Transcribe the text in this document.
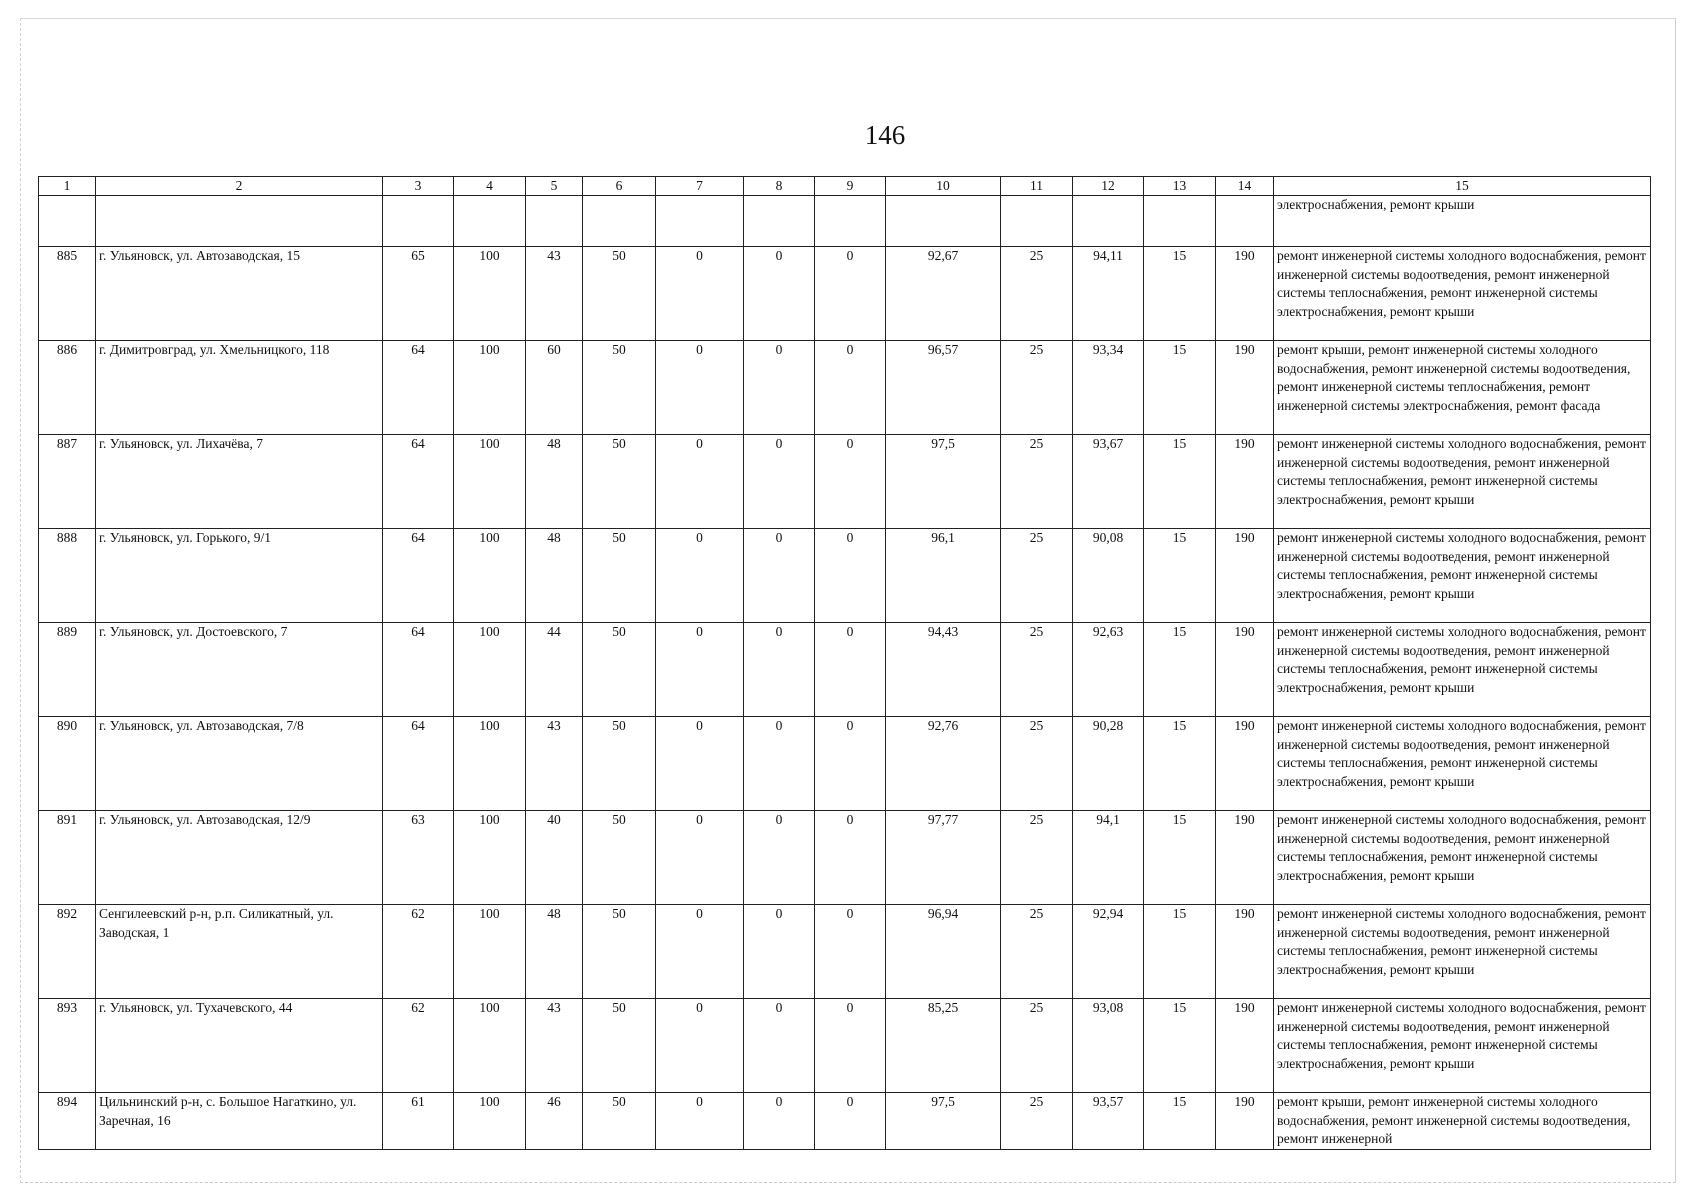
146
1	2	3	4	5	6	7	8	9	10	11	12	13	14	15
														электроснабжения, ремонт крыши
885	г. Ульяновск, ул. Автозаводская, 15	65	100	43	50	0	0	0	92,67	25	94,11	15	190	ремонт инженерной системы холодного водоснабжения, ремонт инженерной системы водоотведения, ремонт инженерной системы теплоснабжения, ремонт инженерной системы электроснабжения, ремонт крыши
886	г. Димитровград, ул. Хмельницкого, 118	64	100	60	50	0	0	0	96,57	25	93,34	15	190	ремонт крыши, ремонт инженерной системы холодного водоснабжения, ремонт инженерной системы водоотведения, ремонт инженерной системы теплоснабжения, ремонт инженерной системы электроснабжения, ремонт фасада
887	г. Ульяновск, ул. Лихачёва, 7	64	100	48	50	0	0	0	97,5	25	93,67	15	190	ремонт инженерной системы холодного водоснабжения, ремонт инженерной системы водоотведения, ремонт инженерной системы теплоснабжения, ремонт инженерной системы электроснабжения, ремонт крыши
888	г. Ульяновск, ул. Горького, 9/1	64	100	48	50	0	0	0	96,1	25	90,08	15	190	ремонт инженерной системы холодного водоснабжения, ремонт инженерной системы водоотведения, ремонт инженерной системы теплоснабжения, ремонт инженерной системы электроснабжения, ремонт крыши
889	г. Ульяновск, ул. Достоевского, 7	64	100	44	50	0	0	0	94,43	25	92,63	15	190	ремонт инженерной системы холодного водоснабжения, ремонт инженерной системы водоотведения, ремонт инженерной системы теплоснабжения, ремонт инженерной системы электроснабжения, ремонт крыши
890	г. Ульяновск, ул. Автозаводская, 7/8	64	100	43	50	0	0	0	92,76	25	90,28	15	190	ремонт инженерной системы холодного водоснабжения, ремонт инженерной системы водоотведения, ремонт инженерной системы теплоснабжения, ремонт инженерной системы электроснабжения, ремонт крыши
891	г. Ульяновск, ул. Автозаводская, 12/9	63	100	40	50	0	0	0	97,77	25	94,1	15	190	ремонт инженерной системы холодного водоснабжения, ремонт инженерной системы водоотведения, ремонт инженерной системы теплоснабжения, ремонт инженерной системы электроснабжения, ремонт крыши
892	Сенгилеевский р-н, р.п. Силикатный, ул. Заводская, 1	62	100	48	50	0	0	0	96,94	25	92,94	15	190	ремонт инженерной системы холодного водоснабжения, ремонт инженерной системы водоотведения, ремонт инженерной системы теплоснабжения, ремонт инженерной системы электроснабжения, ремонт крыши
893	г. Ульяновск, ул. Тухачевского, 44	62	100	43	50	0	0	0	85,25	25	93,08	15	190	ремонт инженерной системы холодного водоснабжения, ремонт инженерной системы водоотведения, ремонт инженерной системы теплоснабжения, ремонт инженерной системы электроснабжения, ремонт крыши
894	Цильнинский р-н, с. Большое Нагаткино, ул. Заречная, 16	61	100	46	50	0	0	0	97,5	25	93,57	15	190	ремонт крыши, ремонт инженерной системы холодного водоснабжения, ремонт инженерной системы водоотведения, ремонт инженерной
